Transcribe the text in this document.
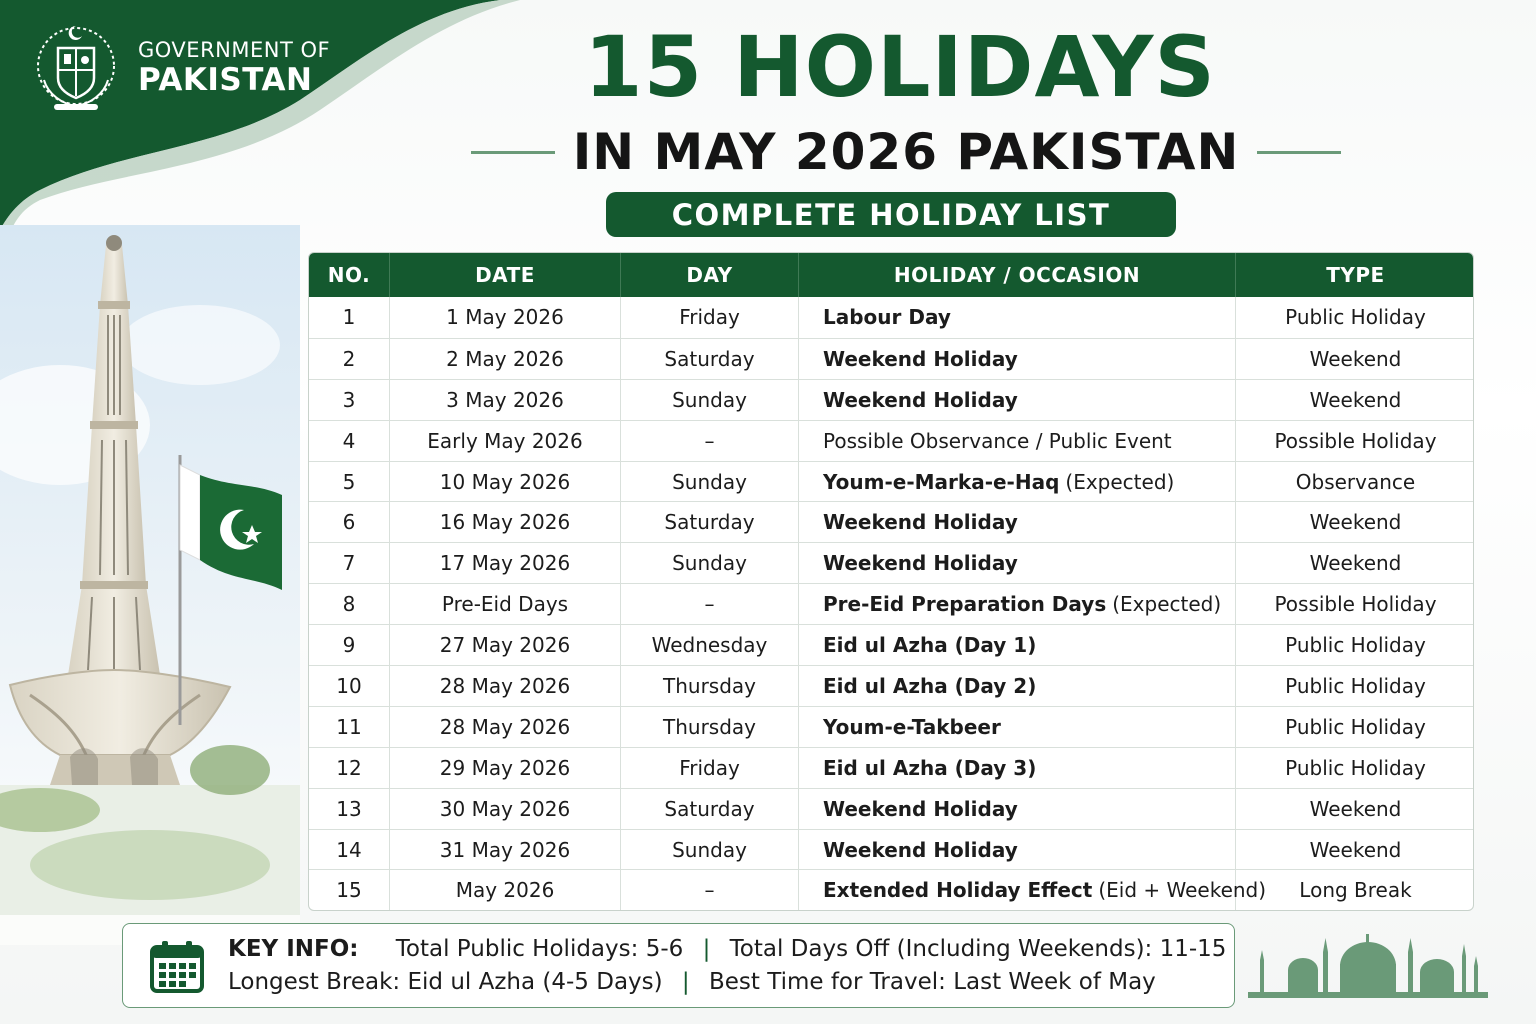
GOVERNMENT OF
PAKISTAN	15 HOLIDAYS
IN MAY 2026 PAKISTAN
COMPLETE HOLIDAY LIST
NO.	DATE	DAY	HOLIDAY / OCCASION	TYPE
1	1 May 2026	Friday	Labour Day	Public Holiday
2	2 May 2026	Saturday	Weekend Holiday	Weekend
3	3 May 2026	Sunday	Weekend Holiday	Weekend
4	Early May 2026	–	Possible Observance / Public Event	Possible Holiday
5	10 May 2026	Sunday	Youm-e-Marka-e-Haq (Expected)	Observance
6	16 May 2026	Saturday	Weekend Holiday	Weekend
7	17 May 2026	Sunday	Weekend Holiday	Weekend
8	Pre-Eid Days	–	Pre-Eid Preparation Days (Expected)	Possible Holiday
9	27 May 2026	Wednesday	Eid ul Azha (Day 1)	Public Holiday
10	28 May 2026	Thursday	Eid ul Azha (Day 2)	Public Holiday
11	28 May 2026	Thursday	Youm-e-Takbeer	Public Holiday
12	29 May 2026	Friday	Eid ul Azha (Day 3)	Public Holiday
13	30 May 2026	Saturday	Weekend Holiday	Weekend
14	31 May 2026	Sunday	Weekend Holiday	Weekend
15	May 2026	–	Extended Holiday Effect (Eid + Weekend)	Long Break
KEY INFO: Total Public Holidays: 5-6 | Total Days Off (Including Weekends): 11-15
Longest Break: Eid ul Azha (4-5 Days) | Best Time for Travel: Last Week of May
